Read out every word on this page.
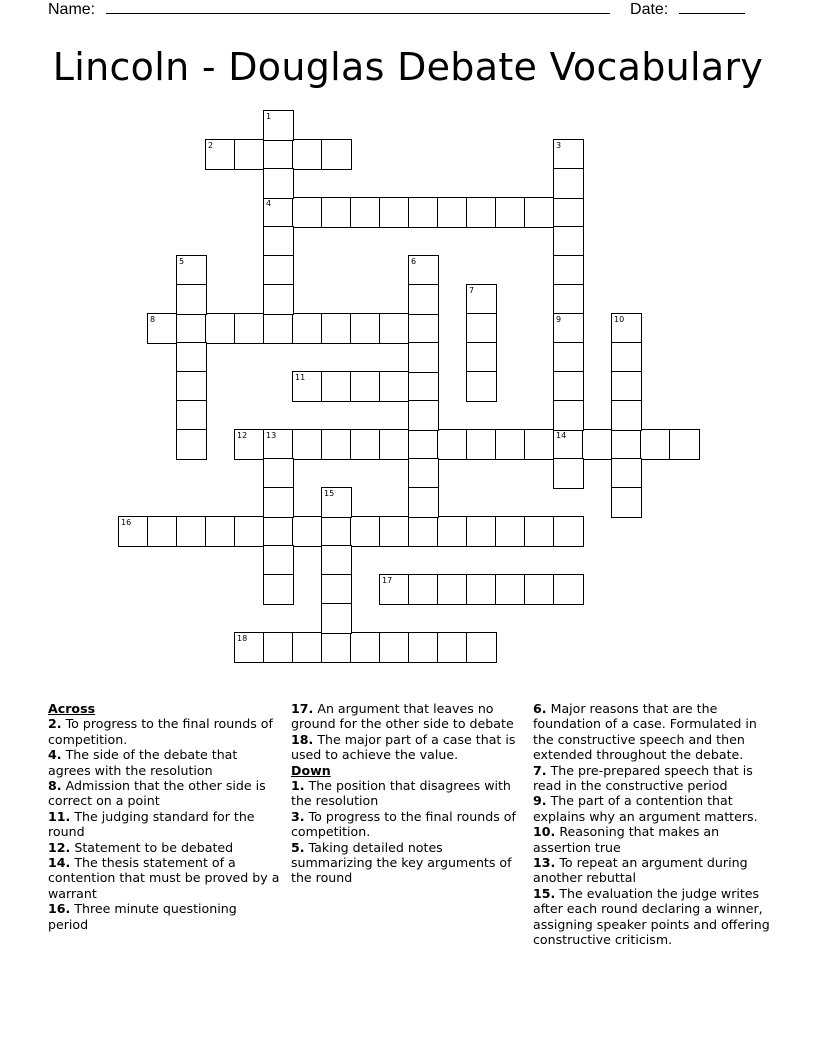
Name:	Date:
Lincoln - Douglas Debate Vocabulary
2
4
8
11
12	14
16
17
18
1
3
5	6
7
9	10
13
15
Across
2. To progress to the final rounds of competition.
4. The side of the debate that agrees with the resolution
8. Admission that the other side is correct on a point
11. The judging standard for the round
12. Statement to be debated
14. The thesis statement of a contention that must be proved by a warrant
16. Three minute questioning period
17. An argument that leaves no ground for the other side to debate
18. The major part of a case that is used to achieve the value.
Down
1. The position that disagrees with the resolution
3. To progress to the final rounds of competition.
5. Taking detailed notes summarizing the key arguments of the round
6. Major reasons that are the foundation of a case. Formulated in the constructive speech and then extended throughout the debate.
7. The pre-prepared speech that is read in the constructive period
9. The part of a contention that explains why an argument matters.
10. Reasoning that makes an assertion true
13. To repeat an argument during another rebuttal
15. The evaluation the judge writes after each round declaring a winner, assigning speaker points and offering constructive criticism.
